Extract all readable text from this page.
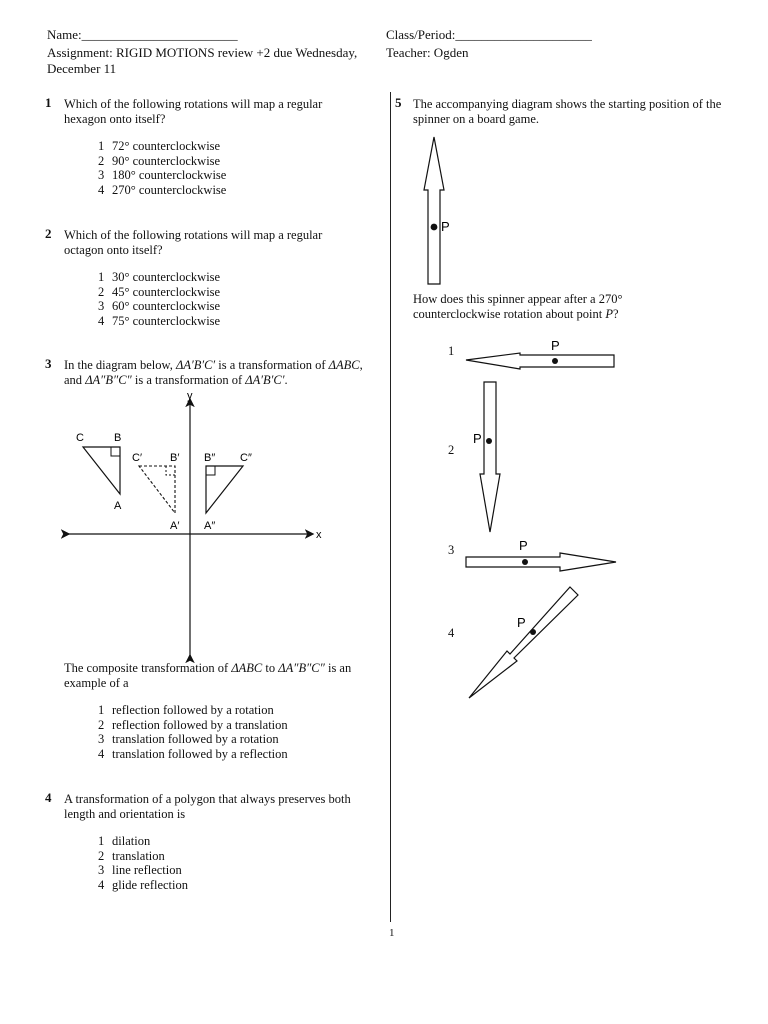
Name:________________________	Class/Period:_____________________
Assignment: RIGID MOTIONS review +2 due Wednesday,
December 11
Teacher: Ogden
1 Which of the following rotations will map a regular hexagon onto itself?
1 72° counterclockwise
2 90° counterclockwise
3 180° counterclockwise
4 270° counterclockwise
2 Which of the following rotations will map a regular octagon onto itself?
1 30° counterclockwise
2 45° counterclockwise
3 60° counterclockwise
4 75° counterclockwise
3 In the diagram below, ΔA′B′C′ is a transformation of ΔABC, and ΔA″B″C″ is a transformation of ΔA′B′C′.
y
x
C	B
A
C′	B′
A′
B″ C″
A″
The composite transformation of ΔABC to ΔA″B″C″ is an example of a
1 reflection followed by a rotation
2 reflection followed by a translation
3 translation followed by a rotation
4 translation followed by a reflection
4 A transformation of a polygon that always preserves both length and orientation is
1 dilation
2 translation
3 line reflection
4 glide reflection
5 The accompanying diagram shows the starting position of the spinner on a board game.
P
How does this spinner appear after a 270° counterclockwise rotation about point P?
1
2
3
4
P
P
P
P
1
